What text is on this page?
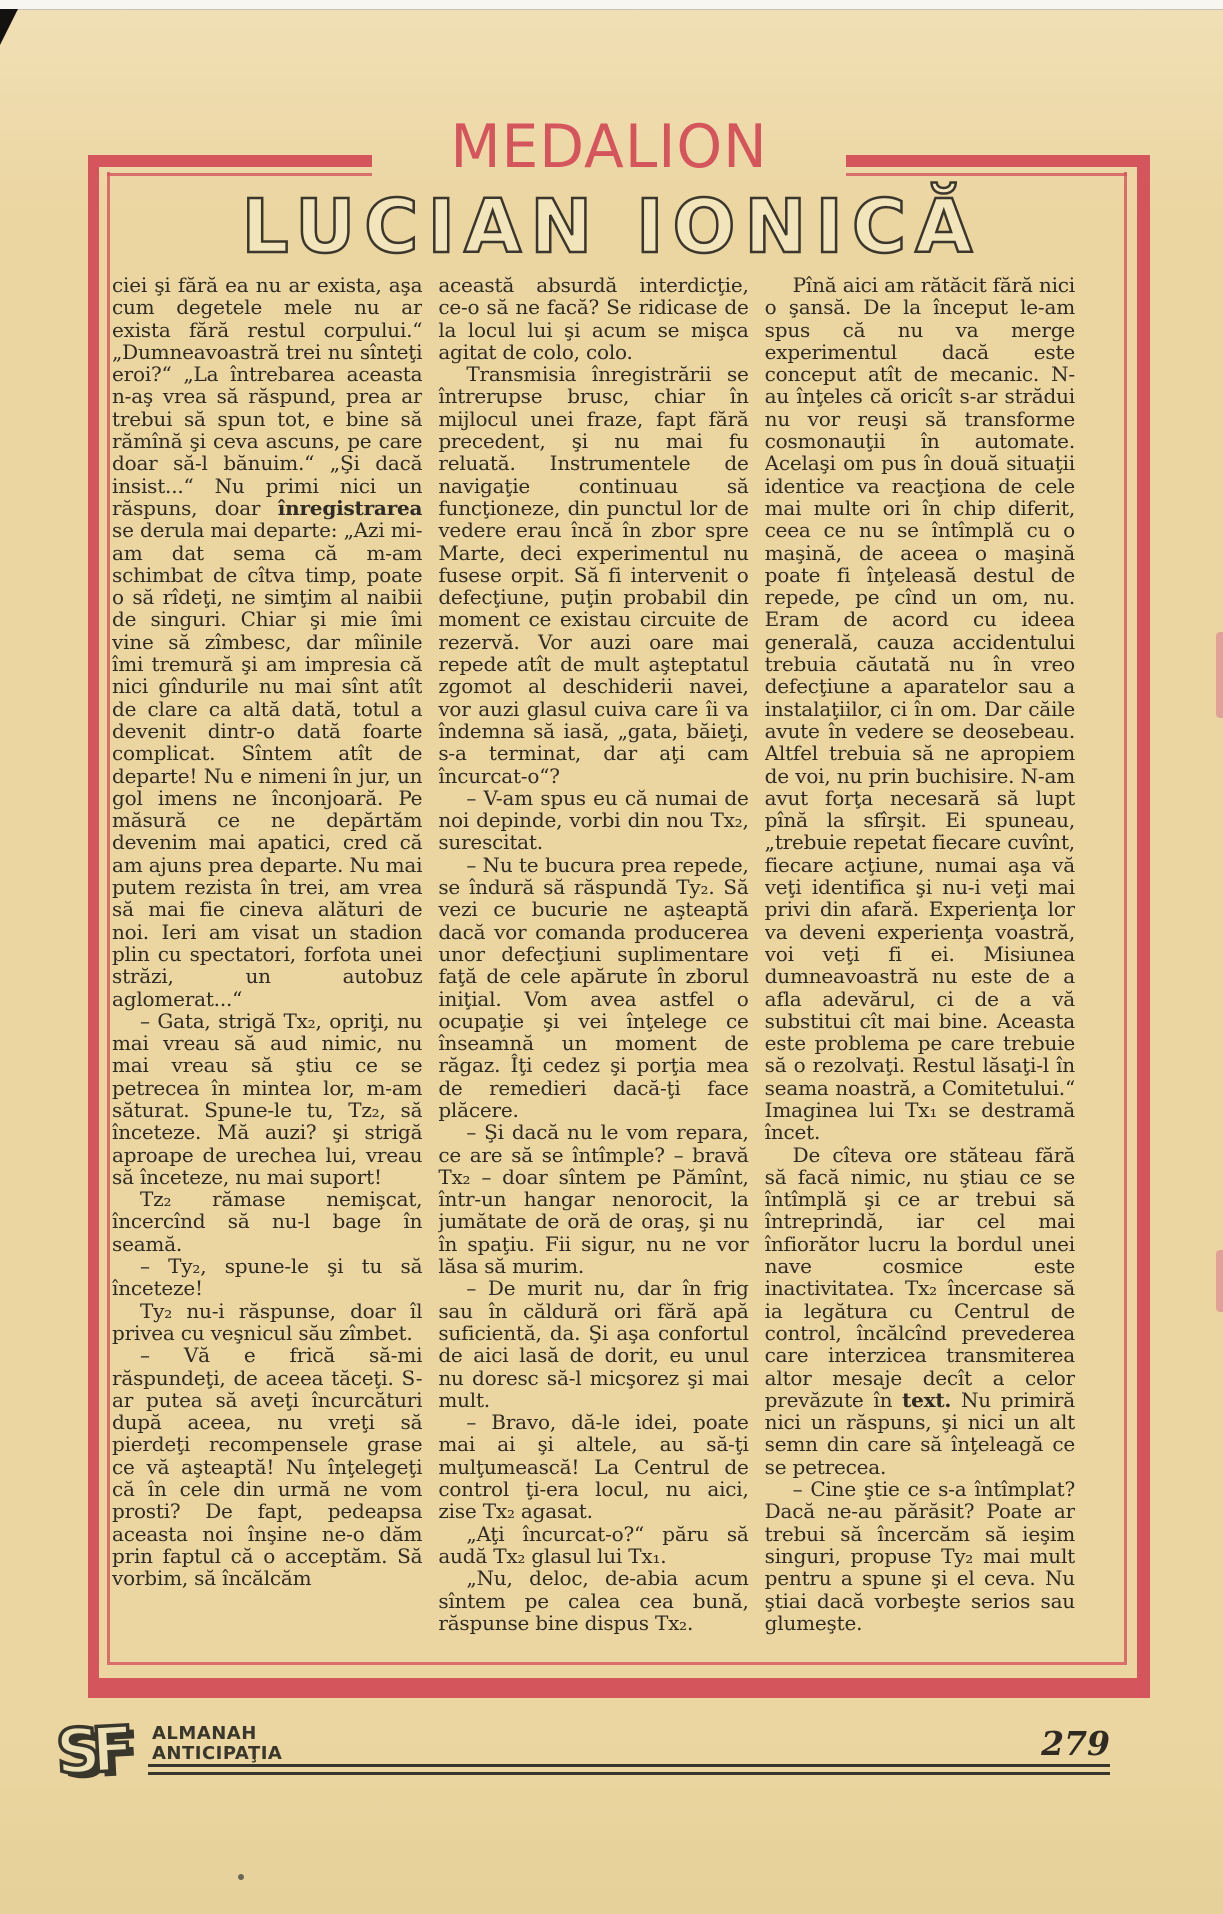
MEDALION
LUCIAN IONICĂ

ciei şi fără ea nu ar exista, aşa cum degetele mele nu ar exista fără restul corpului.“ „Dumneavoastră trei nu sînteţi eroi?“ „La întrebarea aceasta n-aş vrea să răspund, prea ar trebui să spun tot, e bine să rămînă şi ceva ascuns, pe care doar să-l bănuim.“ „Şi dacă insist...“ Nu primi nici un răspuns, doar înregistrarea se derula mai departe: „Azi mi-am dat sema că m-am schimbat de cîtva timp, poate o să rîdeţi, ne simţim al naibii de singuri. Chiar şi mie îmi vine să zîmbesc, dar mîinile îmi tremură şi am impresia că nici gîndurile nu mai sînt atît de clare ca altă dată, totul a devenit dintr-o dată foarte complicat. Sîntem atît de departe! Nu e nimeni în jur, un gol imens ne înconjoară. Pe măsură ce ne depărtăm devenim mai apatici, cred că am ajuns prea departe. Nu mai putem rezista în trei, am vrea să mai fie cineva alături de noi. Ieri am visat un stadion plin cu spectatori, forfota unei străzi, un autobuz aglomerat...“

– Gata, strigă Tx₂, opriţi, nu mai vreau să aud nimic, nu mai vreau să ştiu ce se petrecea în mintea lor, m-am săturat. Spune-le tu, Tz₂, să înceteze. Mă auzi? şi strigă aproape de urechea lui, vreau să înceteze, nu mai suport!

Tz₂ rămase nemişcat, încercînd să nu-l bage în seamă.

– Ty₂, spune-le şi tu să înceteze!

Ty₂ nu-i răspunse, doar îl privea cu veşnicul său zîmbet.

– Vă e frică să-mi răspundeţi, de aceea tăceţi. S-ar putea să aveţi încurcături după aceea, nu vreţi să pierdeţi recompensele grase ce vă aşteaptă! Nu înţelegeţi că în cele din urmă ne vom prosti? De fapt, pedeapsa aceasta noi înşine ne-o dăm prin faptul că o acceptăm. Să vorbim, să încălcăm

această absurdă interdicţie, ce-o să ne facă? Se ridicase de la locul lui şi acum se mişca agitat de colo, colo.

Transmisia înregistrării se întrerupse brusc, chiar în mijlocul unei fraze, fapt fără precedent, şi nu mai fu reluată. Instrumentele de navigaţie continuau să funcţioneze, din punctul lor de vedere erau încă în zbor spre Marte, deci experimentul nu fusese orpit. Să fi intervenit o defecţiune, puţin probabil din moment ce existau circuite de rezervă. Vor auzi oare mai repede atît de mult aşteptatul zgomot al deschiderii navei, vor auzi glasul cuiva care îi va îndemna să iasă, „gata, băieţi, s-a terminat, dar aţi cam încurcat-o“?

– V-am spus eu că numai de noi depinde, vorbi din nou Tx₂, surescitat.

– Nu te bucura prea repede, se îndură să răspundă Ty₂. Să vezi ce bucurie ne aşteaptă dacă vor comanda producerea unor defecţiuni suplimentare faţă de cele apărute în zborul iniţial. Vom avea astfel o ocupaţie şi vei înţelege ce înseamnă un moment de răgaz. Îţi cedez şi porţia mea de remedieri dacă-ţi face plăcere.

– Şi dacă nu le vom repara, ce are să se întîmple? – bravă Tx₂ – doar sîntem pe Pămînt, într-un hangar nenorocit, la jumătate de oră de oraş, şi nu în spaţiu. Fii sigur, nu ne vor lăsa să murim.

– De murit nu, dar în frig sau în căldură ori fără apă suficientă, da. Şi aşa confortul de aici lasă de dorit, eu unul nu doresc să-l micşorez şi mai mult.

– Bravo, dă-le idei, poate mai ai şi altele, au să-ţi mulţumească! La Centrul de control ţi-era locul, nu aici, zise Tx₂ agasat.

„Aţi încurcat-o?“ păru să audă Tx₂ glasul lui Tx₁.

„Nu, deloc, de-abia acum sîntem pe calea cea bună, răspunse bine dispus Tx₂.

Pînă aici am rătăcit fără nici o şansă. De la început le-am spus că nu va merge experimentul dacă este conceput atît de mecanic. N-au înţeles că oricît s-ar strădui nu vor reuşi să transforme cosmonauţii în automate. Acelaşi om pus în două situaţii identice va reacţiona de cele mai multe ori în chip diferit, ceea ce nu se întîmplă cu o maşină, de aceea o maşină poate fi înţeleasă destul de repede, pe cînd un om, nu. Eram de acord cu ideea generală, cauza accidentului trebuia căutată nu în vreo defecţiune a aparatelor sau a instalaţiilor, ci în om. Dar căile avute în vedere se deosebeau. Altfel trebuia să ne apropiem de voi, nu prin buchisire. N-am avut forţa necesară să lupt pînă la sfîrşit. Ei spuneau, „trebuie repetat fiecare cuvînt, fiecare acţiune, numai aşa vă veţi identifica şi nu-i veţi mai privi din afară. Experienţa lor va deveni experienţa voastră, voi veţi fi ei. Misiunea dumneavoastră nu este de a afla adevărul, ci de a vă substitui cît mai bine. Aceasta este problema pe care trebuie să o rezolvaţi. Restul lăsaţi-l în seama noastră, a Comitetului.“ Imaginea lui Tx₁ se destramă încet.

De cîteva ore stăteau fără să facă nimic, nu ştiau ce se întîmplă şi ce ar trebui să întreprindă, iar cel mai înfiorător lucru la bordul unei nave cosmice este inactivitatea. Tx₂ încercase să ia legătura cu Centrul de control, încălcînd prevederea care interzicea transmiterea altor mesaje decît a celor prevăzute în text. Nu primiră nici un răspuns, şi nici un alt semn din care să înţeleagă ce se petrecea.

– Cine ştie ce s-a întîmplat? Dacă ne-au părăsit? Poate ar trebui să încercăm să ieşim singuri, propuse Ty₂ mai mult pentru a spune şi el ceva. Nu ştiai dacă vorbeşte serios sau glumeşte.

SF ALMANAH
ANTICIPAŢIA	279
